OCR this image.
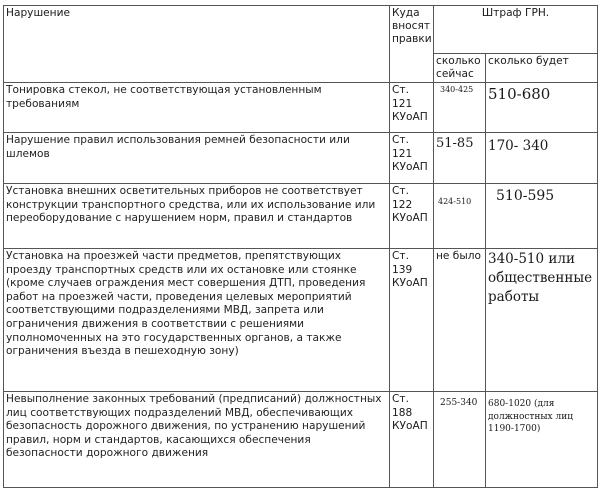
Нарушение	Куда вносят правки	Штраф ГРН.	
		сколько сейчас	сколько будет
Тонировка стекол, не соответствующая установленным требованиям	Ст. 121 КУоАП	340-425	510-680
Нарушение правил использования ремней безопасности или шлемов	Ст. 121 КУоАП	51-85	170- 340
Установка внешних осветительных приборов не соответствует конструкции транспортного средства, или их использование или переоборудование с нарушением норм, правил и стандартов	Ст. 122 КУоАП	424-510	510-595
Установка на проезжей части предметов, препятствующих проезду транспортных средств или их остановке или стоянке (кроме случаев ограждения мест совершения ДТП, проведения работ на проезжей части, проведения целевых мероприятий соответствующими подразделениями МВД, запрета или ограничения движения в соответствии с решениями уполномоченных на это государственных органов, а также ограничения въезда в пешеходную зону)	Ст. 139 КУоАП	не было	340-510 или общественные работы
Невыполнение законных требований (предписаний) должностных лиц соответствующих подразделений МВД, обеспечивающих безопасность дорожного движения, по устранению нарушений правил, норм и стандартов, касающихся обеспечения безопасности дорожного движения	Ст. 188 КУоАП	255-340	680-1020 (для должностных лиц 1190-1700)
